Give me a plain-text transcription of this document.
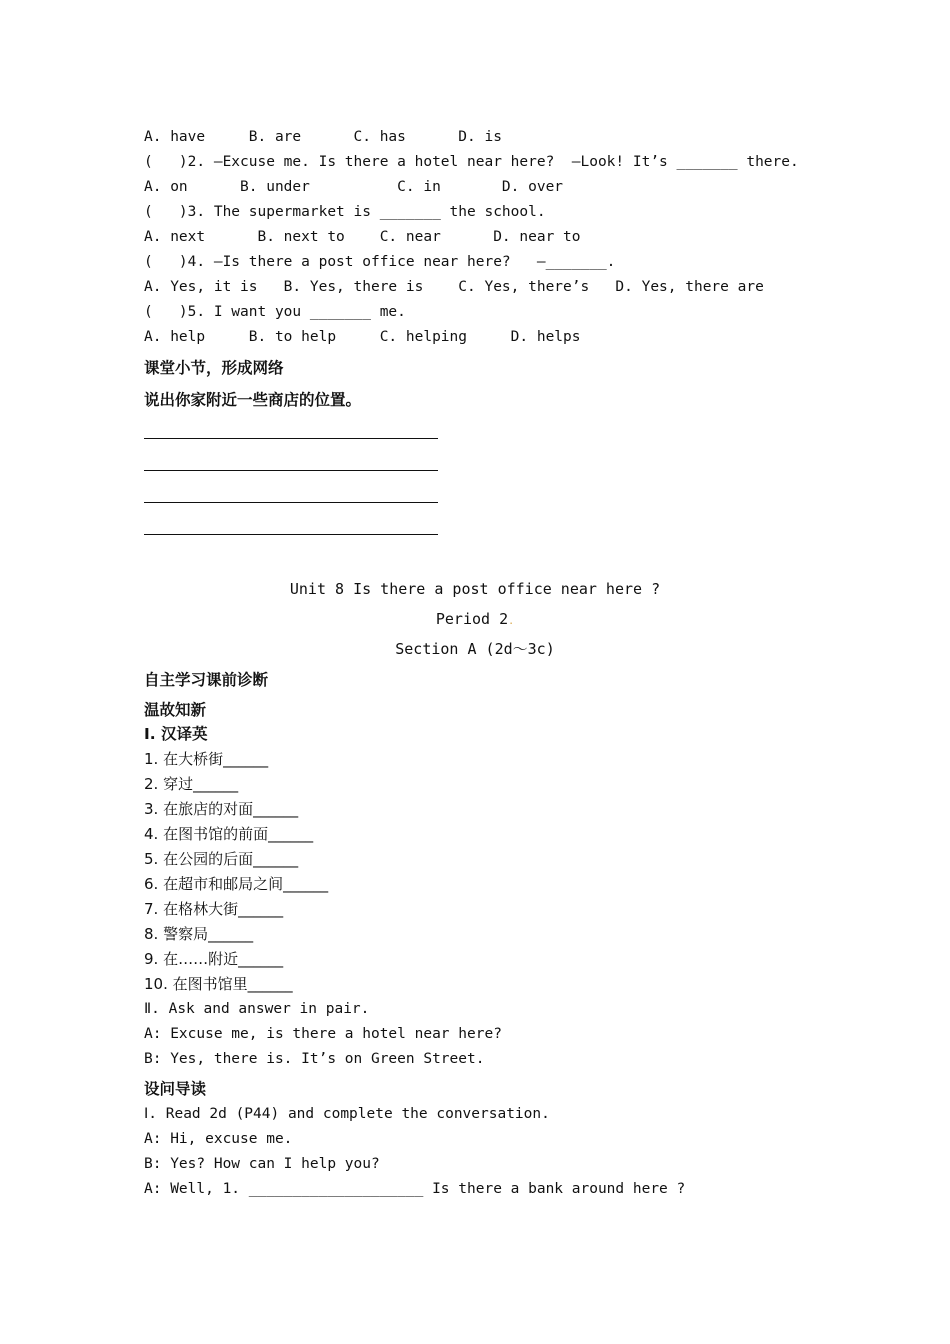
A. have     B. are      C. has      D. is
(   )2. —Excuse me. Is there a hotel near here?  —Look! It’s _______ there.
A. on      B. under          C. in       D. over
(   )3. The supermarket is _______ the school.
A. next      B. next to    C. near      D. near to
(   )4. —Is there a post office near here?   —_______.
A. Yes, it is   B. Yes, there is    C. Yes, there’s   D. Yes, there are
(   )5. I want you _______ me.
A. help     B. to help     C. helping     D. helps
课堂小节，形成网络
说出你家附近一些商店的位置。
Unit 8 Is there a post office near here ?
Period 2.
Section A (2d～3c)
自主学习课前诊断
温故知新
Ⅰ. 汉译英
1. 在大桥街______
2. 穿过______
3. 在旅店的对面______
4. 在图书馆的前面______
5. 在公园的后面______
6. 在超市和邮局之间______
7. 在格林大街______
8. 警察局______
9. 在……附近______
10. 在图书馆里______
Ⅱ. Ask and answer in pair.
A: Excuse me, is there a hotel near here?
B: Yes, there is. It’s on Green Street.
设问导读
Ⅰ. Read 2d (P44) and complete the conversation.
A: Hi, excuse me.
B: Yes? How can I help you?
A: Well, 1. ____________________ Is there a bank around here ?
